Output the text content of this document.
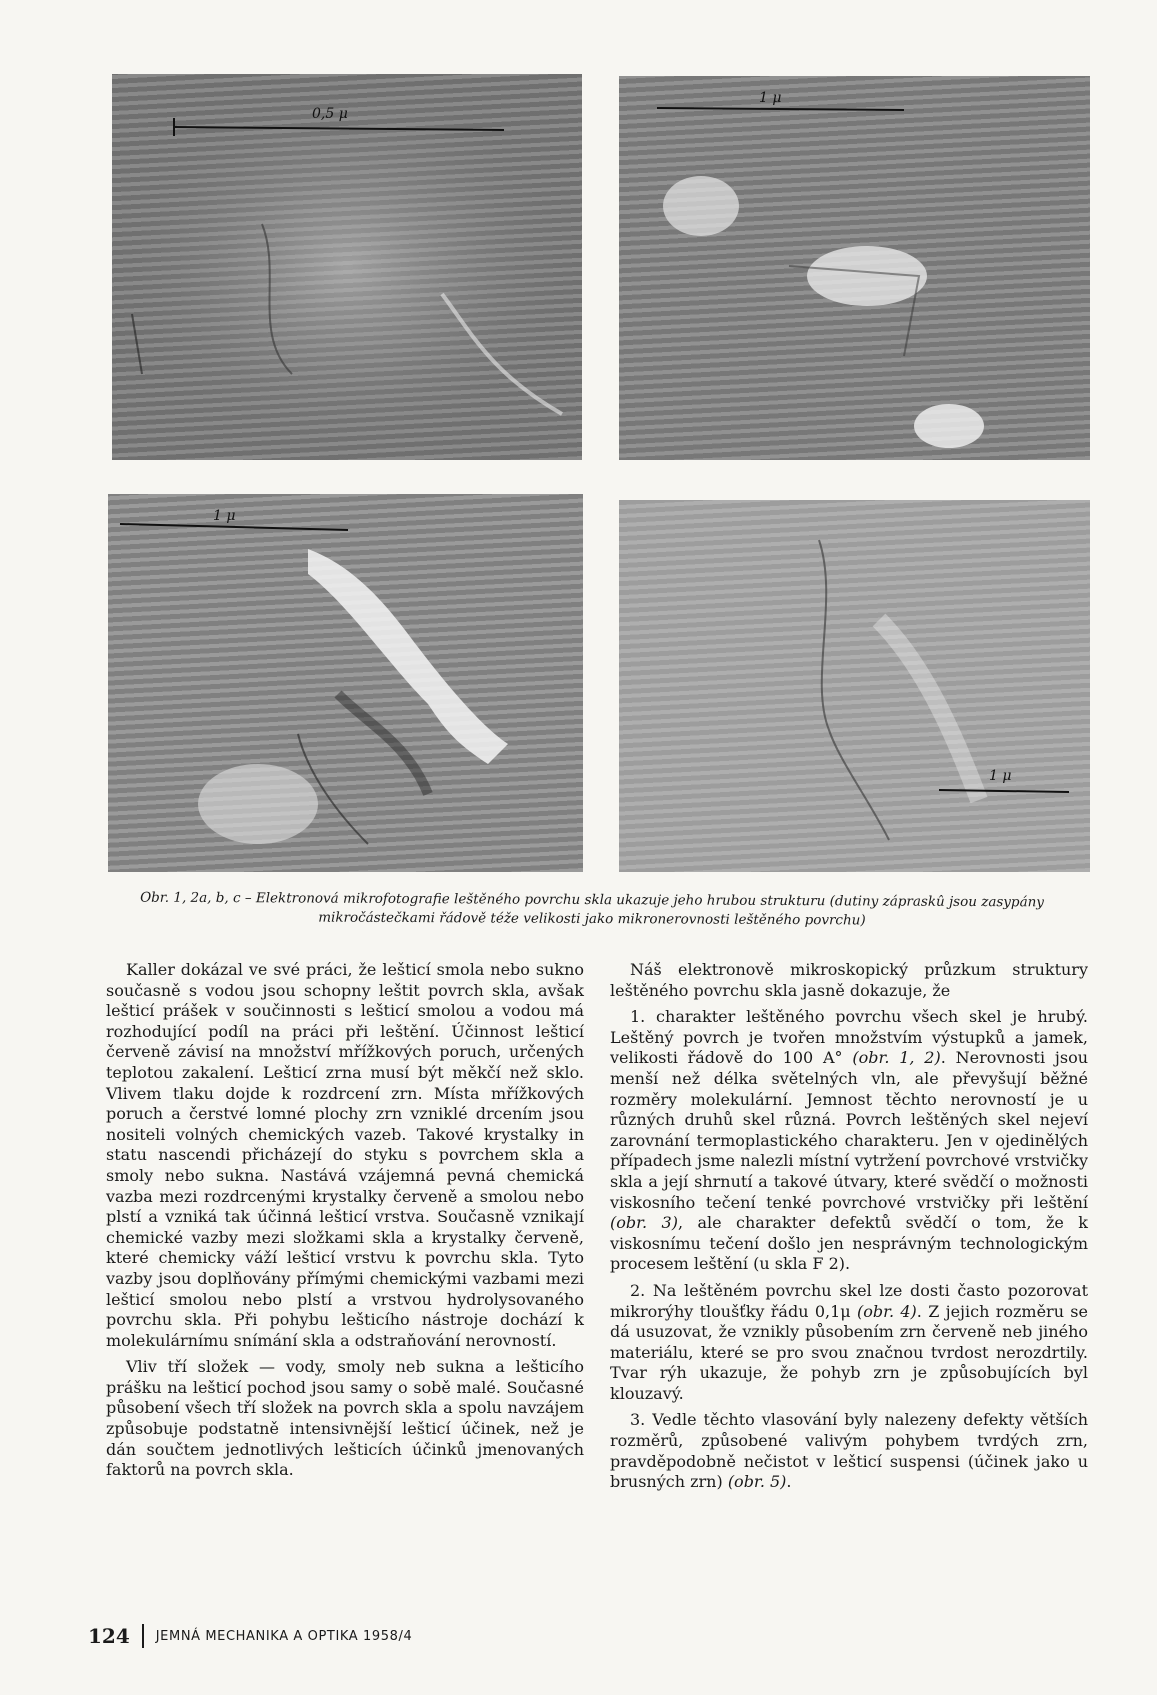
0,5 μ
1 μ
1 μ
1 μ
Obr. 1, 2a, b, c – Elektronová mikrofotografie leštěného povrchu skla ukazuje jeho hrubou strukturu (dutiny zápraskû jsou zasypány mikročástečkami řádově téže velikosti jako mikronerovnosti leštěného povrchu)

Kaller dokázal ve své práci, že lešticí smola nebo sukno současně s vodou jsou schopny leštit povrch skla, avšak lešticí prášek v součinnosti s lešticí smolou a vodou má rozhodující podíl na práci při leštění. Účinnost lešticí červeně závisí na množství mřížkových poruch, určených teplotou zakalení. Lešticí zrna musí být měkčí než sklo. Vlivem tlaku dojde k rozdrcení zrn. Místa mřížkových poruch a čerstvé lomné plochy zrn vzniklé drcením jsou nositeli volných chemických vazeb. Takové krystalky in statu nascendi přicházejí do styku s povrchem skla a smoly nebo sukna. Nastává vzájemná pevná chemická vazba mezi rozdrcenými krystalky červeně a smolou nebo plstí a vzniká tak účinná lešticí vrstva. Současně vznikají chemické vazby mezi složkami skla a krystalky červeně, které chemicky váží lešticí vrstvu k povrchu skla. Tyto vazby jsou doplňovány přímými chemickými vazbami mezi lešticí smolou nebo plstí a vrstvou hydrolysovaného povrchu skla. Při pohybu lešticího nástroje dochází k molekulárnímu snímání skla a odstraňování nerovností.

Vliv tří složek — vody, smoly neb sukna a lešticího prášku na lešticí pochod jsou samy o sobě malé. Současné působení všech tří složek na povrch skla a spolu navzájem způsobuje podstatně intensivnější lešticí účinek, než je dán součtem jednotlivých lešticích účinků jmenovaných faktorů na povrch skla.

Náš elektronově mikroskopický průzkum struktury leštěného povrchu skla jasně dokazuje, že

1. charakter leštěného povrchu všech skel je hrubý. Leštěný povrch je tvořen množstvím výstupků a jamek, velikosti řádově do 100 A° (obr. 1, 2). Nerovnosti jsou menší než délka světelných vln, ale převyšují běžné rozměry molekulární. Jemnost těchto nerovností je u různých druhů skel různá. Povrch leštěných skel nejeví zarovnání termoplastického charakteru. Jen v ojedinělých případech jsme nalezli místní vytržení povrchové vrstvičky skla a její shrnutí a takové útvary, které svědčí o možnosti viskosního tečení tenké povrchové vrstvičky při leštění (obr. 3), ale charakter defektů svědčí o tom, že k viskosnímu tečení došlo jen nesprávným technologickým procesem leštění (u skla F 2).

2. Na leštěném povrchu skel lze dosti často pozorovat mikrorýhy tloušťky řádu 0,1μ (obr. 4). Z jejich rozměru se dá usuzovat, že vznikly působením zrn červeně neb jiného materiálu, které se pro svou značnou tvrdost nerozdrtily. Tvar rýh ukazuje, že pohyb zrn je způsobujících byl klouzavý.

3. Vedle těchto vlasování byly nalezeny defekty větších rozměrů, způsobené valivým pohybem tvrdých zrn, pravděpodobně nečistot v lešticí suspensi (účinek jako u brusných zrn) (obr. 5).

124 JEMNÁ MECHANIKA A OPTIKA 1958/4
